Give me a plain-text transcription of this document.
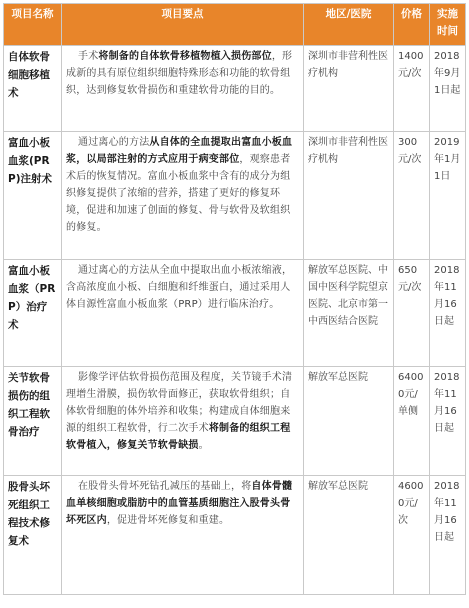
项目名称	项目要点	地区/医院	价格	实施时间
自体软骨细胞移植术	手术将制备的自体软骨移植物植入损伤部位，形成新的具有原位组织细胞特殊形态和功能的软骨组织，达到修复软骨损伤和重建软骨功能的目的。	深圳市非营利性医疗机构	1400元/次	2018年9月1日起
富血小板血浆(PRP)注射术	通过离心的方法从自体的全血提取出富血小板血浆，以局部注射的方式应用于病变部位，观察患者术后的恢复情况。富血小板血浆中含有的成分为组织修复提供了浓缩的营养，搭建了更好的修复环境，促进和加速了创面的修复、骨与软骨及软组织的修复。	深圳市非营利性医疗机构	300元/次	2019年1月1日
富血小板血浆（PRP）治疗术	通过离心的方法从全血中提取出血小板浓缩液，含高浓度血小板、白细胞和纤维蛋白，通过采用人体自源性富血小板血浆（PRP）进行临床治疗。	解放军总医院、中国中医科学院望京医院、北京市第一中西医结合医院	650元/次	2018年11月16日起
关节软骨损伤的组织工程软骨治疗	影像学评估软骨损伤范围及程度，关节镜手术清理增生滑膜，损伤软骨面修正，获取软骨组织；自体软骨细胞的体外培养和收集；构建成自体细胞来源的组织工程软骨，行二次手术将制备的组织工程软骨植入，修复关节软骨缺损。	解放军总医院	64000元/单侧	2018年11月16日起
股骨头坏死组织工程技术修复术	在股骨头骨坏死钻孔减压的基础上，将自体骨髓血单核细胞或脂肪中的血管基质细胞注入股骨头骨坏死区内，促进骨坏死修复和重建。	解放军总医院	46000元/次	2018年11月16日起
